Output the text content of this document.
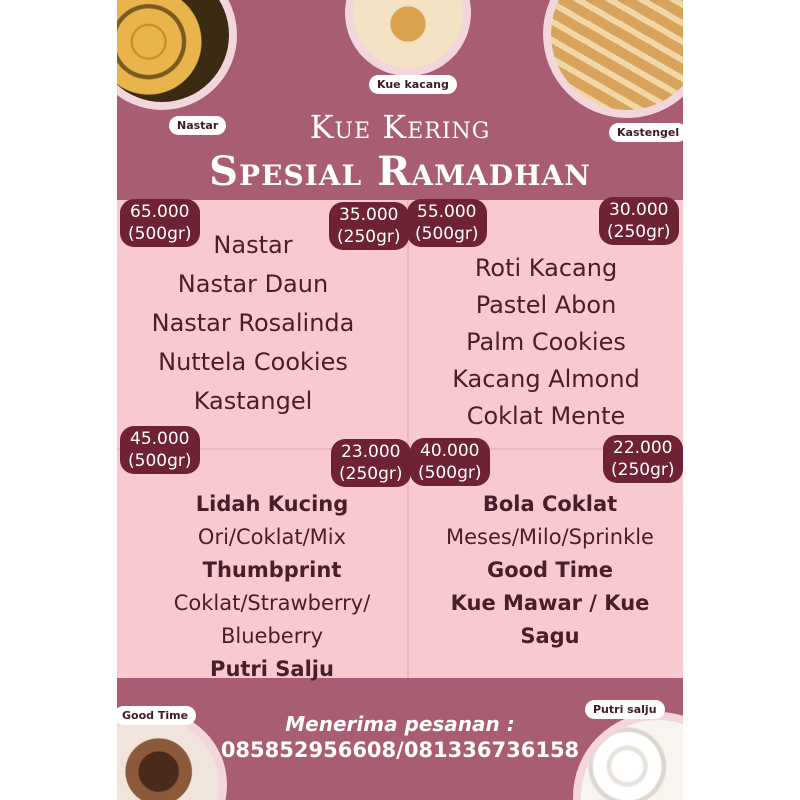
Nastar
Kue kacang
Kastengel
Kue Kering
Spesial Ramadhan
65.000
(500gr)
35.000
(250gr)
Nastar
Nastar Daun
Nastar Rosalinda
Nuttela Cookies
Kastangel
55.000
(500gr)
30.000
(250gr)
Roti Kacang
Pastel Abon
Palm Cookies
Kacang Almond
Coklat Mente
45.000
(500gr)	23.000
(250gr)
Lidah Kucing
Ori/Coklat/Mix
Thumbprint
Coklat/Strawberry/
Blueberry
Putri Salju
40.000
(500gr)
22.000
(250gr)
Bola Coklat
Meses/Milo/Sprinkle
Good Time
Kue Mawar / Kue
Sagu
Good Time	Putri salju
Menerima pesanan :
085852956608/081336736158
